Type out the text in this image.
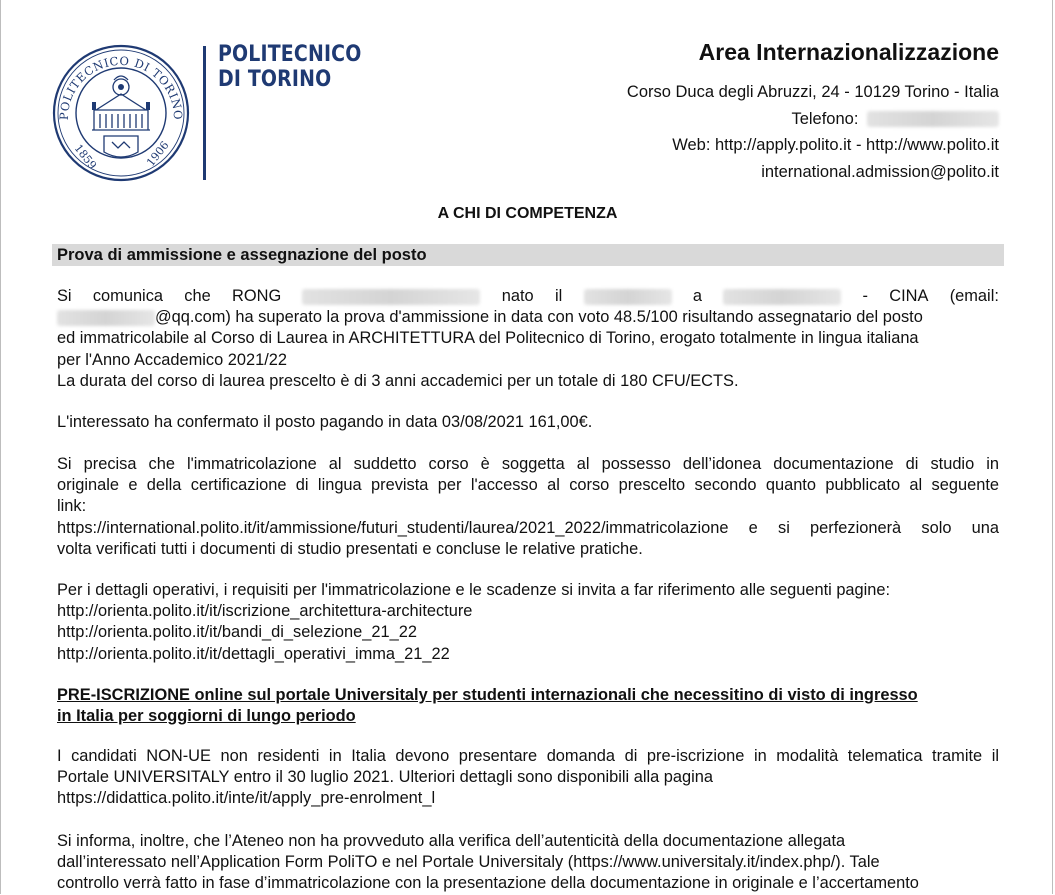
POLITECNICO DI TORINO
1859	1906
POLITECNICO
DI TORINO
Area Internazionalizzazione
Corso Duca degli Abruzzi, 24 - 10129 Torino - Italia
Telefono:
Web: http://apply.polito.it - http://www.polito.it
international.admission@polito.it
A CHI DI COMPETENZA
Prova di ammissione e assegnazione del posto
Si comunica che RONG	nato il	a	- CINA (email:
@qq.com) ha superato la prova d'ammissione in data con voto 48.5/100 risultando assegnatario del posto
ed immatricolabile al Corso di Laurea in ARCHITETTURA del Politecnico di Torino, erogato totalmente in lingua italiana
per l'Anno Accademico 2021/22
La durata del corso di laurea prescelto è di 3 anni accademici per un totale di 180 CFU/ECTS.
L'interessato ha confermato il posto pagando in data 03/08/2021 161,00€.
Si precisa che l'immatricolazione al suddetto corso è soggetta al possesso dell’idonea documentazione di studio in
originale e della certificazione di lingua prevista per l'accesso al corso prescelto secondo quanto pubblicato al seguente
link:
https://international.polito.it/it/ammissione/futuri_studenti/laurea/2021_2022/immatricolazione e si perfezionerà solo una
volta verificati tutti i documenti di studio presentati e concluse le relative pratiche.
Per i dettagli operativi, i requisiti per l'immatricolazione e le scadenze si invita a far riferimento alle seguenti pagine:
http://orienta.polito.it/it/iscrizione_architettura-architecture
http://orienta.polito.it/it/bandi_di_selezione_21_22
http://orienta.polito.it/it/dettagli_operativi_imma_21_22
PRE-ISCRIZIONE online sul portale Universitaly per studenti internazionali che necessitino di visto di ingresso
in Italia per soggiorni di lungo periodo
I candidati NON-UE non residenti in Italia devono presentare domanda di pre-iscrizione in modalità telematica tramite il
Portale UNIVERSITALY entro il 30 luglio 2021. Ulteriori dettagli sono disponibili alla pagina
https://didattica.polito.it/inte/it/apply_pre-enrolment_l
Si informa, inoltre, che l’Ateneo non ha provveduto alla verifica dell’autenticità della documentazione allegata
dall’interessato nell’Application Form PoliTO e nel Portale Universitaly (https://www.universitaly.it/index.php/). Tale
controllo verrà fatto in fase d’immatricolazione con la presentazione della documentazione in originale e l’accertamento
